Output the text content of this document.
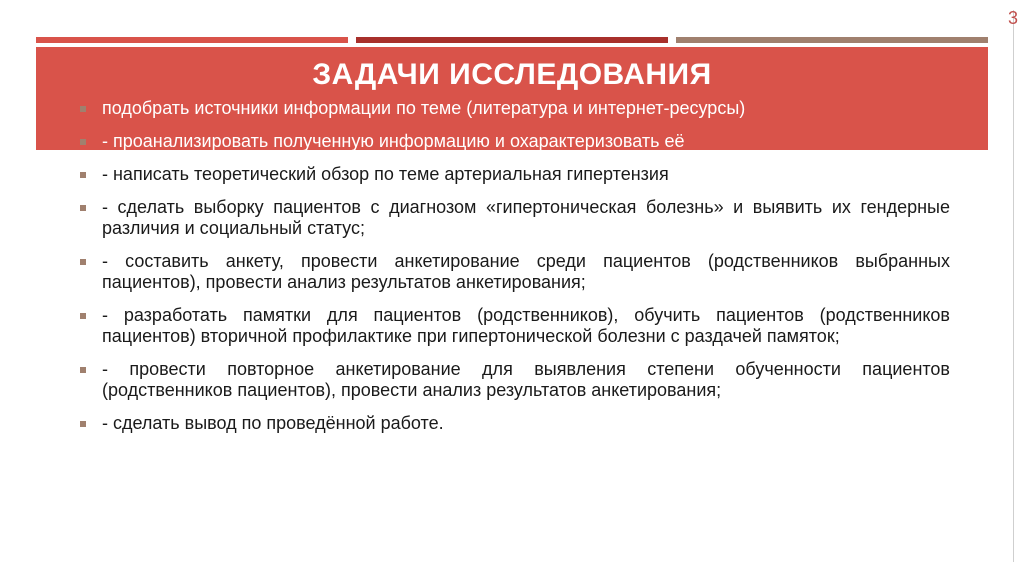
3
ЗАДАЧИ ИССЛЕДОВАНИЯ
подобрать источники информации по теме (литература и интернет-ресурсы)
- проанализировать полученную информацию и охарактеризовать её
- написать теоретический обзор по теме артериальная гипертензия
- сделать выборку пациентов с диагнозом «гипертоническая болезнь» и выявить их гендерные различия и социальный статус;
- составить анкету, провести анкетирование среди пациентов (родственников выбранных пациентов), провести анализ результатов анкетирования;
- разработать памятки для пациентов (родственников), обучить пациентов (родственников пациентов) вторичной профилактике при гипертонической болезни с раздачей памяток;
- провести повторное анкетирование для выявления степени обученности пациентов (родственников пациентов), провести анализ результатов анкетирования;
- сделать вывод по проведённой работе.
